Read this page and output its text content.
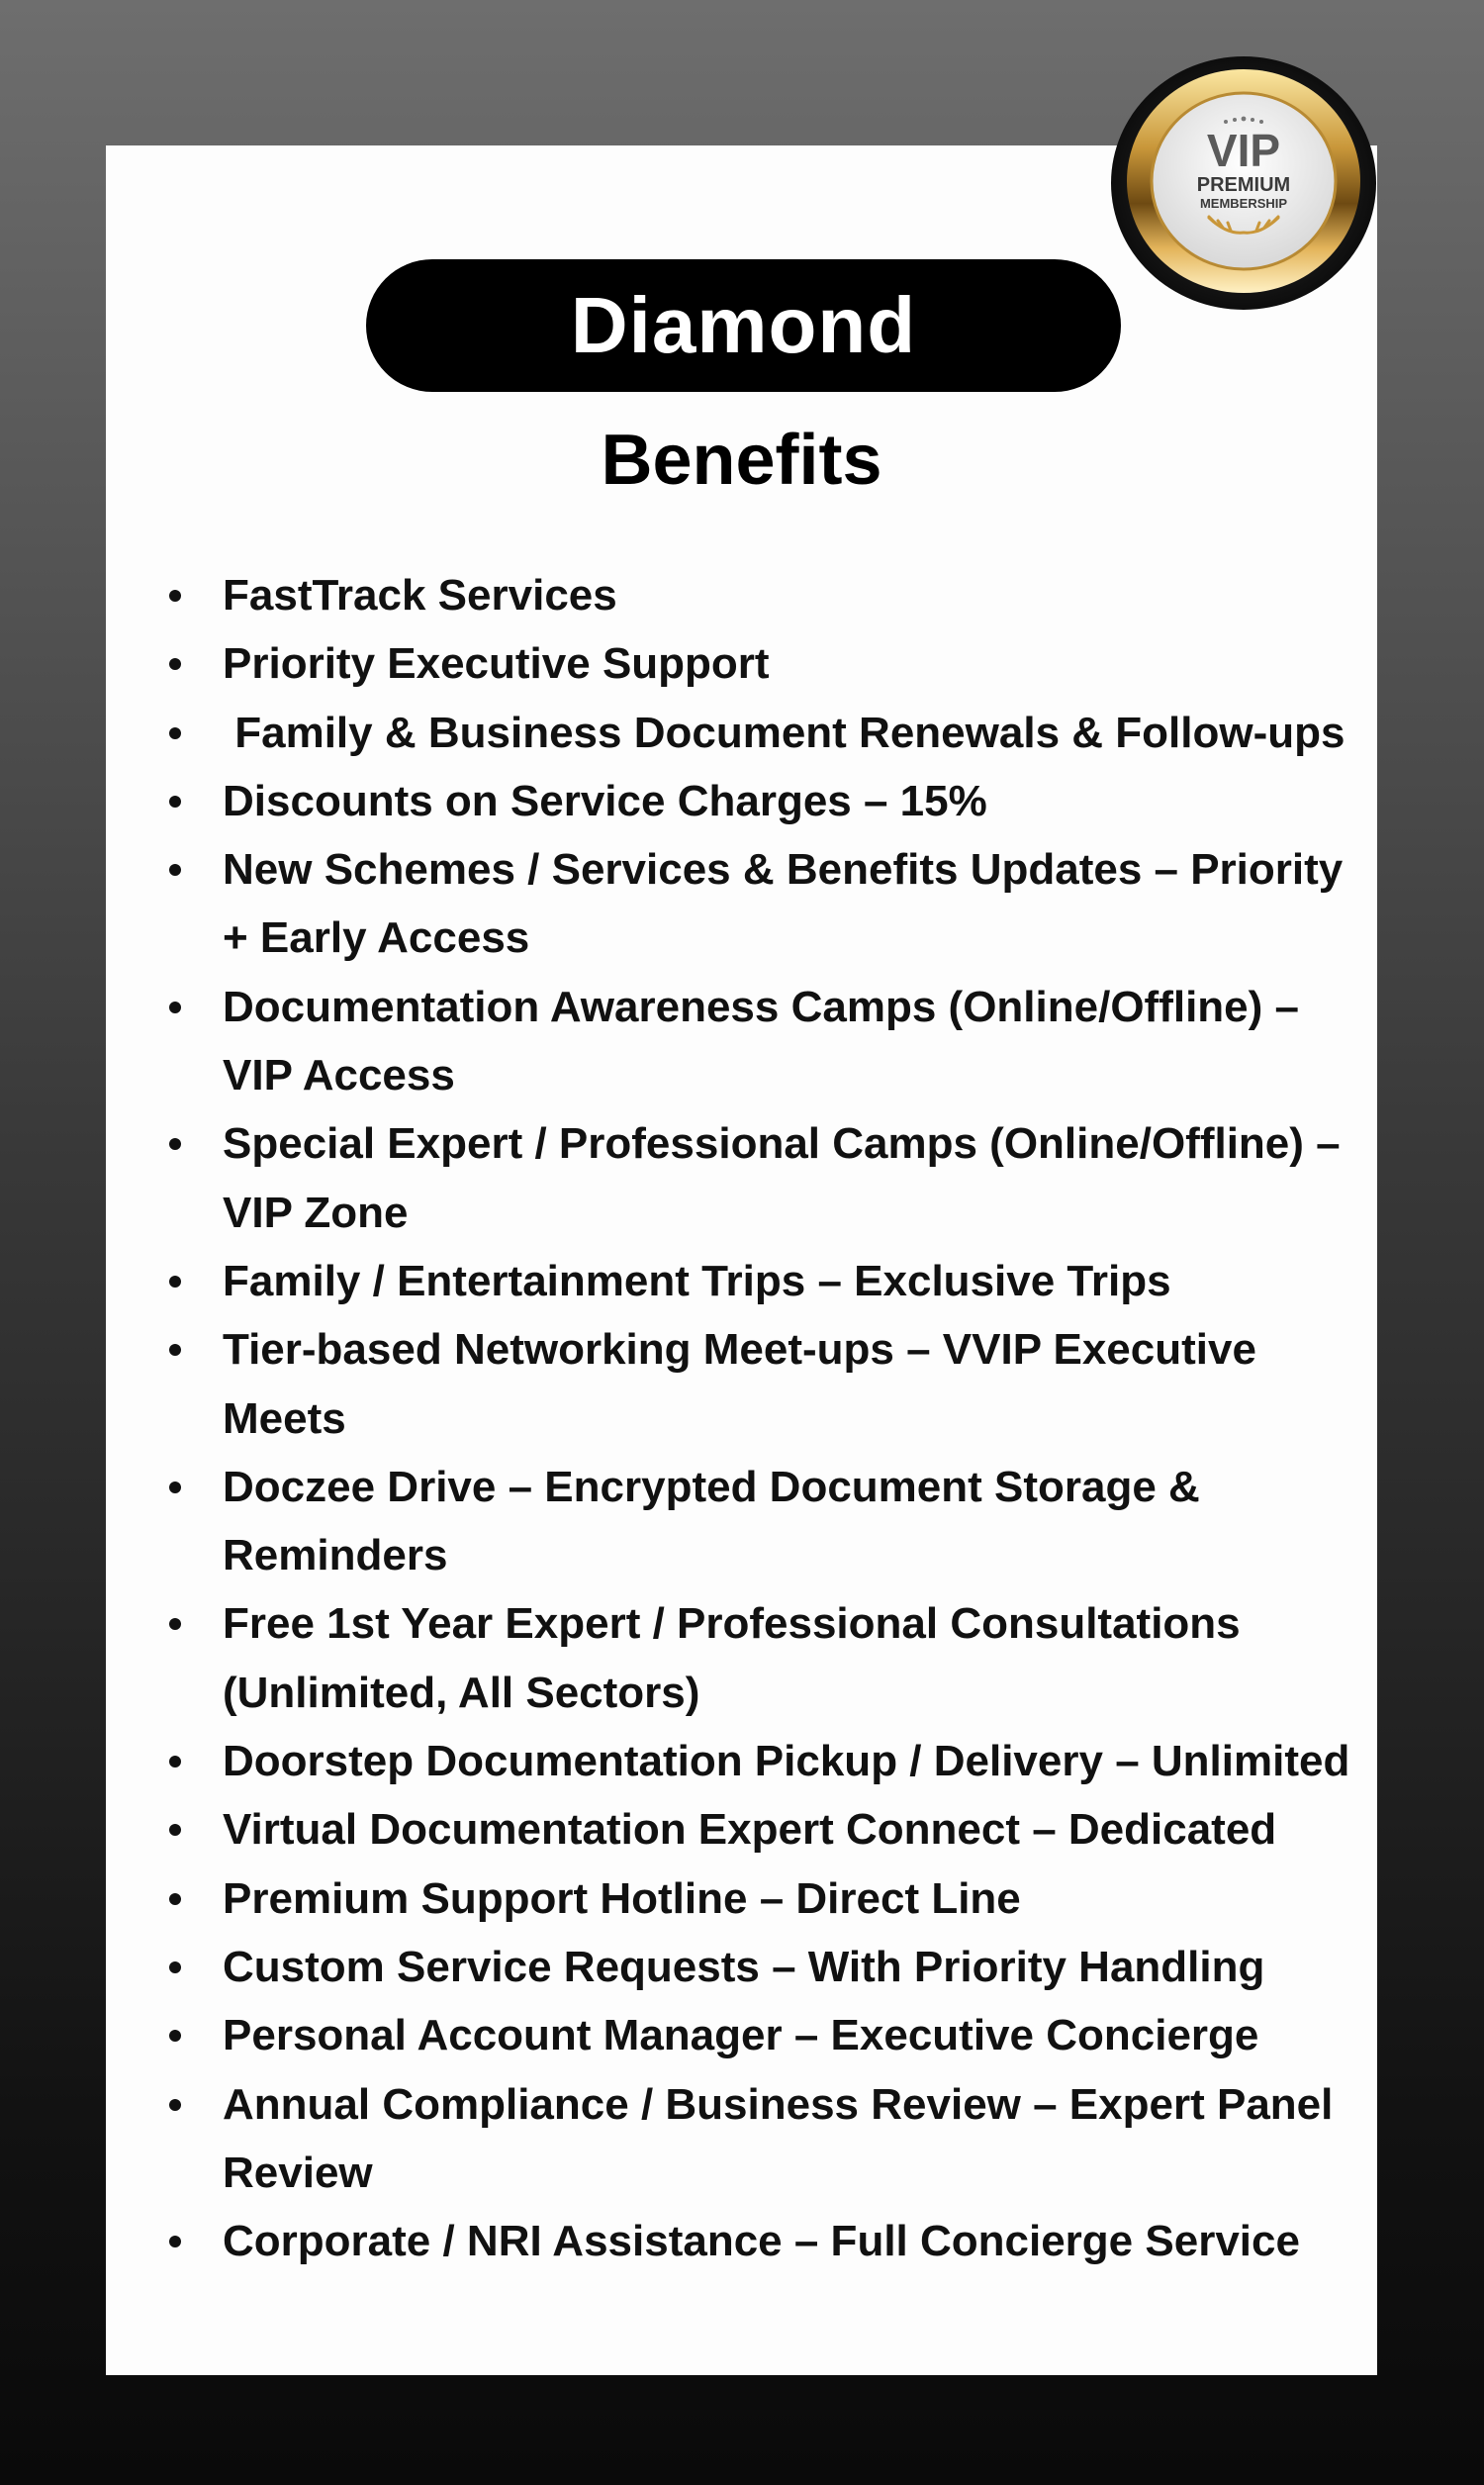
Diamond
Benefits
FastTrack Services
Priority Executive Support
Family & Business Document Renewals & Follow-ups
Discounts on Service Charges – 15%
New Schemes / Services & Benefits Updates – Priority + Early Access
Documentation Awareness Camps (Online/Offline) – VIP Access
Special Expert / Professional Camps (Online/Offline) – VIP Zone
Family / Entertainment Trips – Exclusive Trips
Tier-based Networking Meet-ups – VVIP Executive Meets
Doczee Drive – Encrypted Document Storage & Reminders
Free 1st Year Expert / Professional Consultations (Unlimited, All Sectors)
Doorstep Documentation Pickup / Delivery – Unlimited
Virtual Documentation Expert Connect – Dedicated
Premium Support Hotline – Direct Line
Custom Service Requests – With Priority Handling
Personal Account Manager – Executive Concierge
Annual Compliance / Business Review – Expert Panel Review
Corporate / NRI Assistance – Full Concierge Service
VIP
PREMIUM
MEMBERSHIP
